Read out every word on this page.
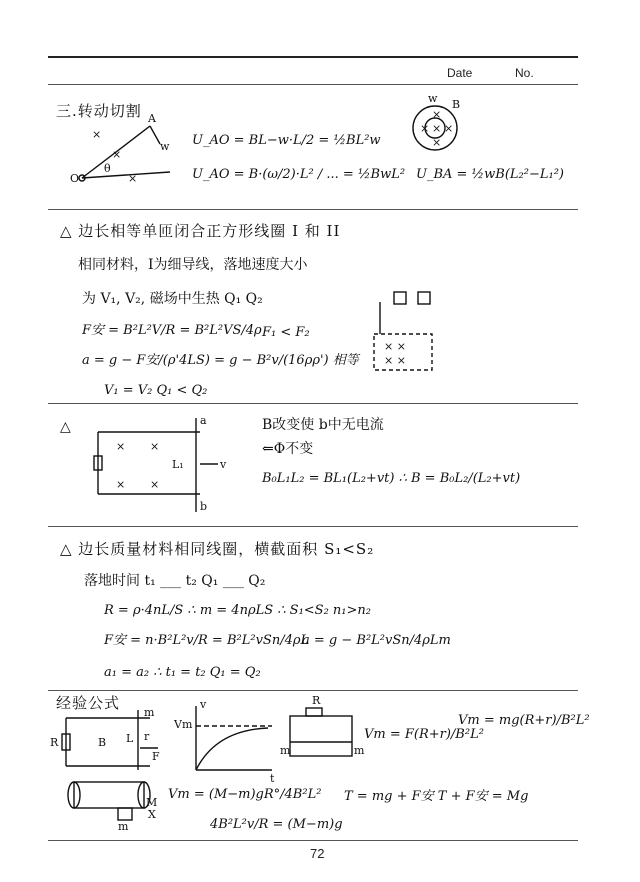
Date	No.
三.转动切割
U_AO = BL−w·L/2 = ½BL²w
U_AO = B·(ω/2)·L² / ... = ½BwL² U_BA = ½wB(L₂²−L₁²)
△ 边长相等单匝闭合正方形线圈 I 和 II
相同材料，I为细导线，落地速度大小
为 V₁, V₂, 磁场中生热 Q₁ Q₂
F安 = B²L²V/R = B²L²VS/4ρ F₁ < F₂
a = g − F安/(ρ'4LS) = g − B²v/(16ρρ') 相等
V₁ = V₂ Q₁ < Q₂
△	B改变使 b中无电流
⇐Φ不变
B₀L₁L₂ = BL₁(L₂+vt) ∴ B = B₀L₂/(L₂+vt)
△ 边长质量材料相同线圈，横截面积 S₁<S₂
落地时间 t₁ ___ t₂ Q₁ ___ Q₂
R = ρ·4nL/S ∴ m = 4nρLS ∴ S₁<S₂ n₁>n₂
F安 = n·B²L²v/R = B²L²vSn/4ρL
a = g − B²L²vSn/4ρLm
a₁ = a₂ ∴ t₁ = t₂ Q₁ = Q₂
经验公式
Vm = F(R+r)/B²L²
Vm = mg(R+r)/B²L²
Vm = (M−m)gR°/4B²L² T = mg + F安 T + F安 = Mg
4B²L²v/R = (M−m)g
72
A
w
O
θ
×
×
×
B
w
× × ×
×
×
× ×
× ×
a
b
L₁	v
× ×
× ×
R
m
B L r
F
Vm
v
t
R
m	m
M
X
m
